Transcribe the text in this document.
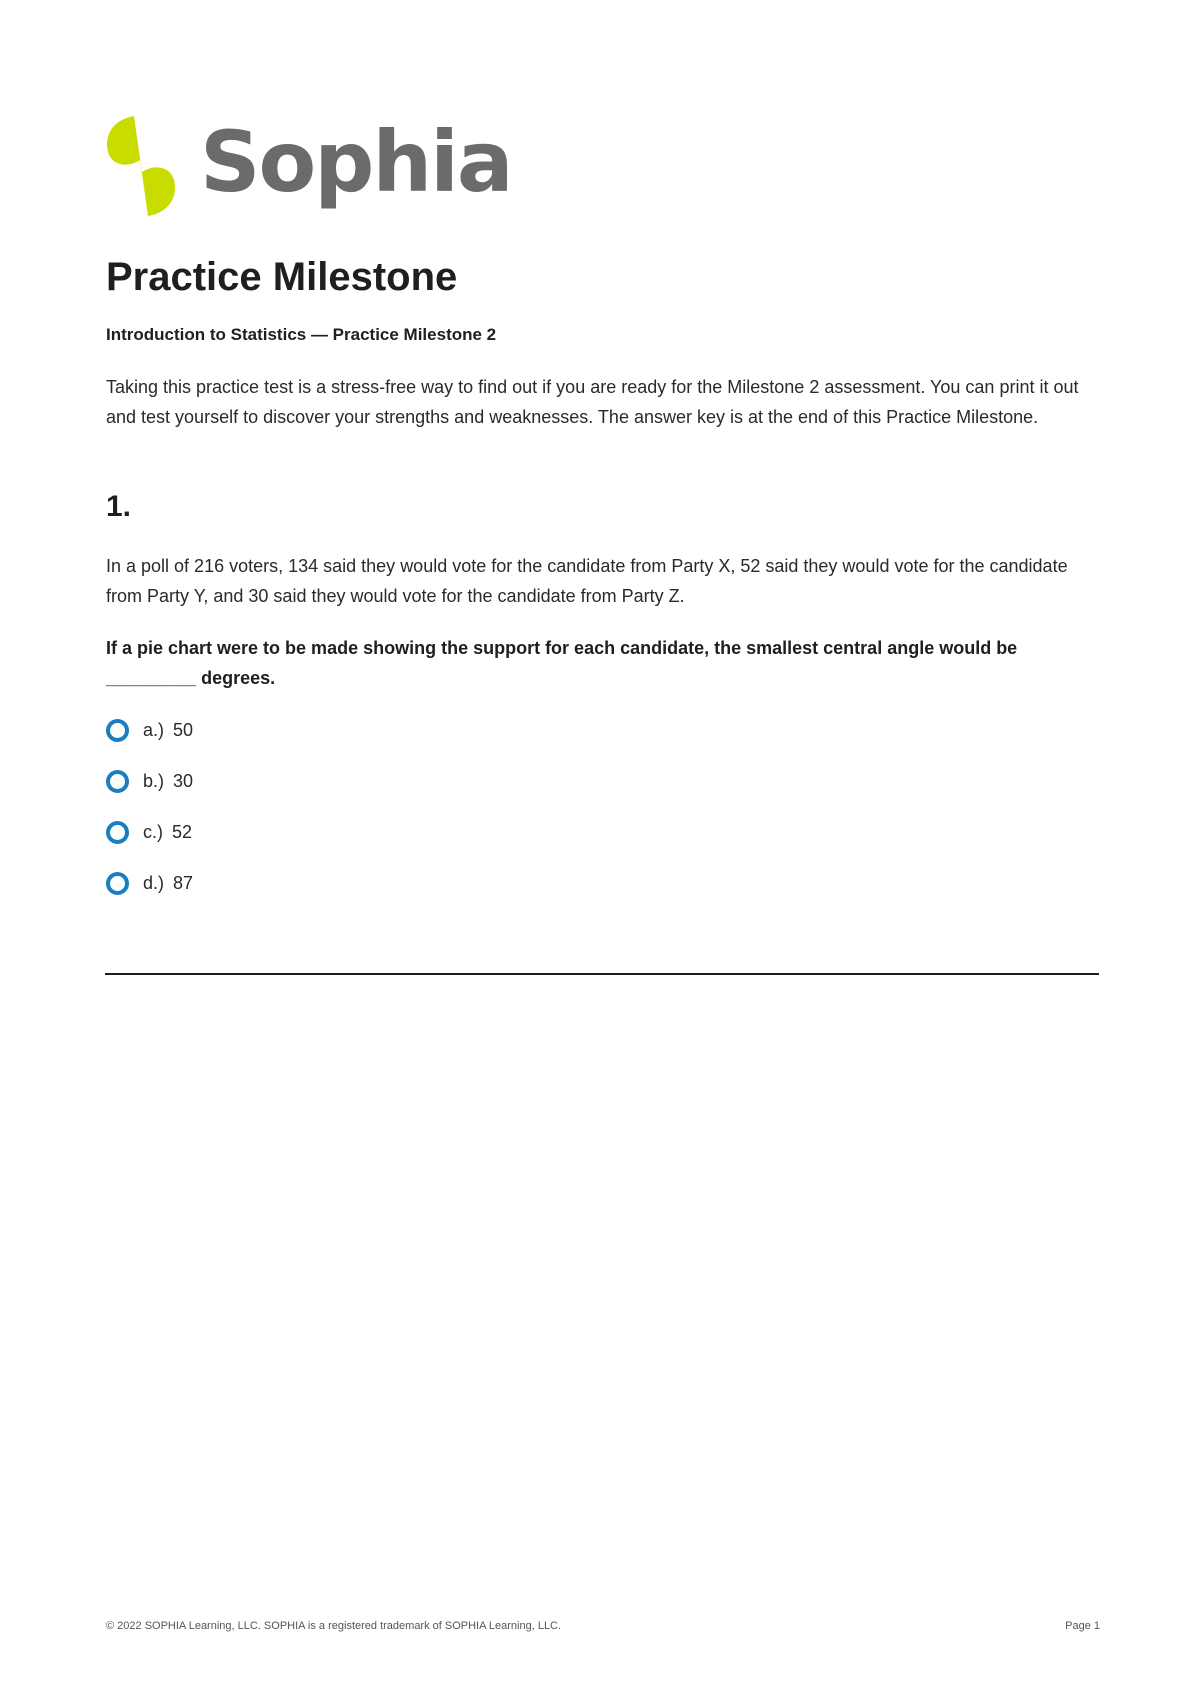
Sophia
Practice Milestone

Introduction to Statistics — Practice Milestone 2

Taking this practice test is a stress-free way to find out if you are ready for the Milestone 2 assessment. You can print it out and test yourself to discover your strengths and weaknesses. The answer key is at the end of this Practice Milestone.

1.

In a poll of 216 voters, 134 said they would vote for the candidate from Party X, 52 said they would vote for the candidate from Party Y, and 30 said they would vote for the candidate from Party Z.

If a pie chart were to be made showing the support for each candidate, the smallest central angle would be _________ degrees.

a.) 50
b.) 30
c.) 52
d.) 87
© 2022 SOPHIA Learning, LLC. SOPHIA is a registered trademark of SOPHIA Learning, LLC.	Page 1
